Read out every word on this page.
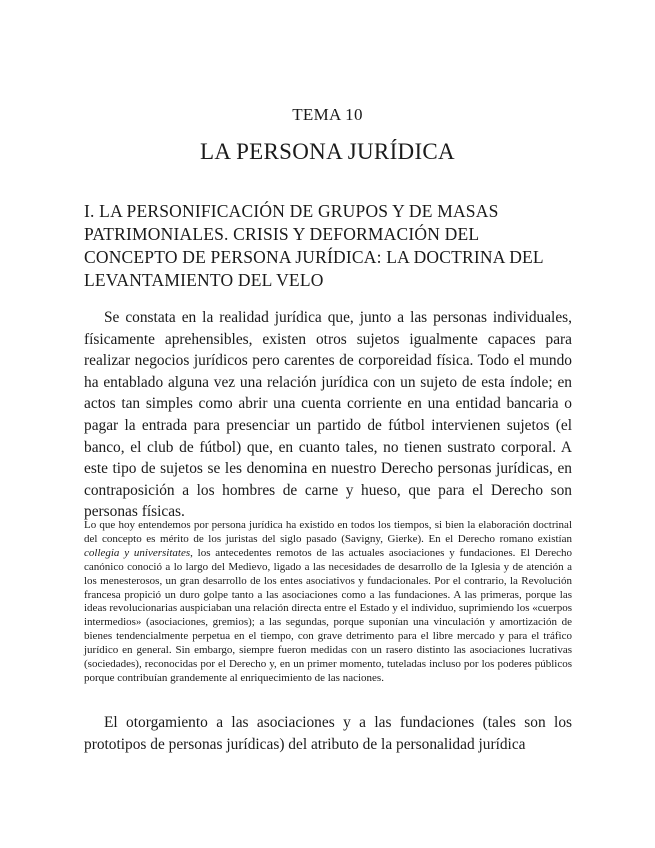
TEMA 10
LA PERSONA JURÍDICA
I. LA PERSONIFICACIÓN DE GRUPOS Y DE MASAS PATRIMONIALES. CRISIS Y DEFORMACIÓN DEL CONCEPTO DE PERSONA JURÍDICA: LA DOCTRINA DEL LEVANTAMIENTO DEL VELO

Se constata en la realidad jurídica que, junto a las personas individuales, físicamente aprehensibles, existen otros sujetos igualmente capaces para realizar negocios jurídicos pero carentes de corporeidad física. Todo el mundo ha entablado alguna vez una relación jurídica con un sujeto de esta índole; en actos tan simples como abrir una cuenta corriente en una entidad bancaria o pagar la entrada para presenciar un partido de fútbol intervienen sujetos (el banco, el club de fútbol) que, en cuanto tales, no tienen sustrato corporal. A este tipo de sujetos se les denomina en nuestro Derecho personas jurídicas, en contraposición a los hombres de carne y hueso, que para el Derecho son personas físicas.

Lo que hoy entendemos por persona jurídica ha existido en todos los tiempos, si bien la elaboración doctrinal del concepto es mérito de los juristas del siglo pasado (Savigny, Gierke). En el Derecho romano existían collegia y universitates, los antecedentes remotos de las actuales asociaciones y fundaciones. El Derecho canónico conoció a lo largo del Medievo, ligado a las necesidades de desarrollo de la Iglesia y de atención a los menesterosos, un gran desarrollo de los entes asociativos y fundacionales. Por el contrario, la Revolución francesa propició un duro golpe tanto a las asociaciones como a las fundaciones. A las primeras, porque las ideas revolucionarias auspiciaban una relación directa entre el Estado y el individuo, suprimiendo los «cuerpos intermedios» (asociaciones, gremios); a las segundas, porque suponían una vinculación y amortización de bienes tendencialmente perpetua en el tiempo, con grave detrimento para el libre mercado y para el tráfico jurídico en general. Sin embargo, siempre fueron medidas con un rasero distinto las asociaciones lucrativas (sociedades), reconocidas por el Derecho y, en un primer momento, tuteladas incluso por los poderes públicos porque contribuían grandemente al enriquecimiento de las naciones.

El otorgamiento a las asociaciones y a las fundaciones (tales son los prototipos de personas jurídicas) del atributo de la personalidad jurídica
